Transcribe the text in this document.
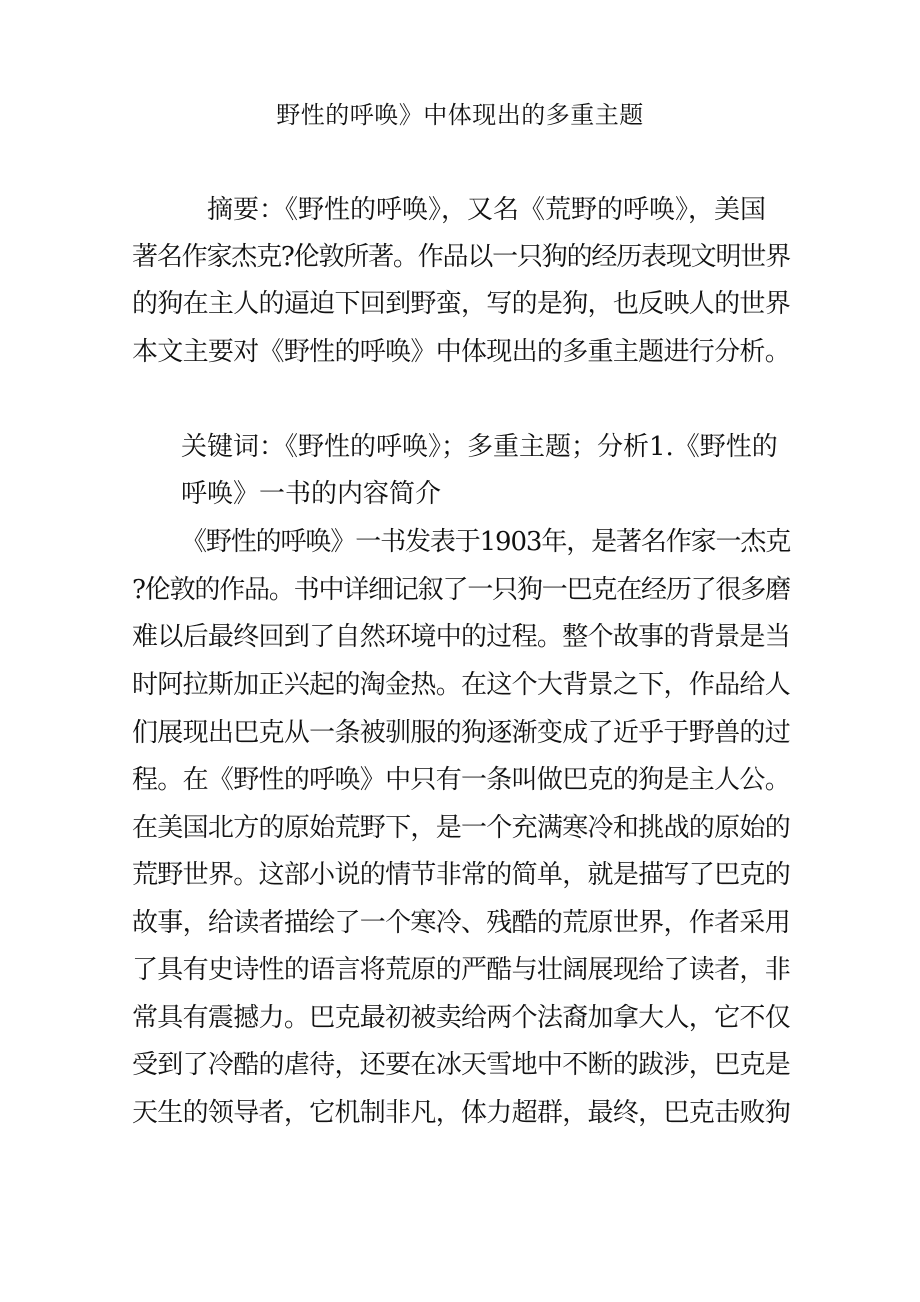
野性的呼唤》中体现出的多重主题
摘要：《野性的呼唤》，又名《荒野的呼唤》，美国
著名作家杰克?伦敦所著。作品以一只狗的经历表现文明世界
的狗在主人的逼迫下回到野蛮，写的是狗，也反映人的世界
本文主要对《野性的呼唤》中体现出的多重主题进行分析。
关键词：《野性的呼唤》；多重主题；分析1.《野性的
呼唤》一书的内容简介
《野性的呼唤》一书发表于1903年，是著名作家一杰克
?伦敦的作品。书中详细记叙了一只狗一巴克在经历了很多磨
难以后最终回到了自然环境中的过程。整个故事的背景是当
时阿拉斯加正兴起的淘金热。在这个大背景之下，作品给人
们展现出巴克从一条被驯服的狗逐渐变成了近乎于野兽的过
程。在《野性的呼唤》中只有一条叫做巴克的狗是主人公。
在美国北方的原始荒野下，是一个充满寒冷和挑战的原始的
荒野世界。这部小说的情节非常的简单，就是描写了巴克的
故事，给读者描绘了一个寒冷、残酷的荒原世界，作者采用
了具有史诗性的语言将荒原的严酷与壮阔展现给了读者，非
常具有震撼力。巴克最初被卖给两个法裔加拿大人，它不仅
受到了冷酷的虐待，还要在冰天雪地中不断的跋涉，巴克是
天生的领导者，它机制非凡，体力超群，最终，巴克击败狗
